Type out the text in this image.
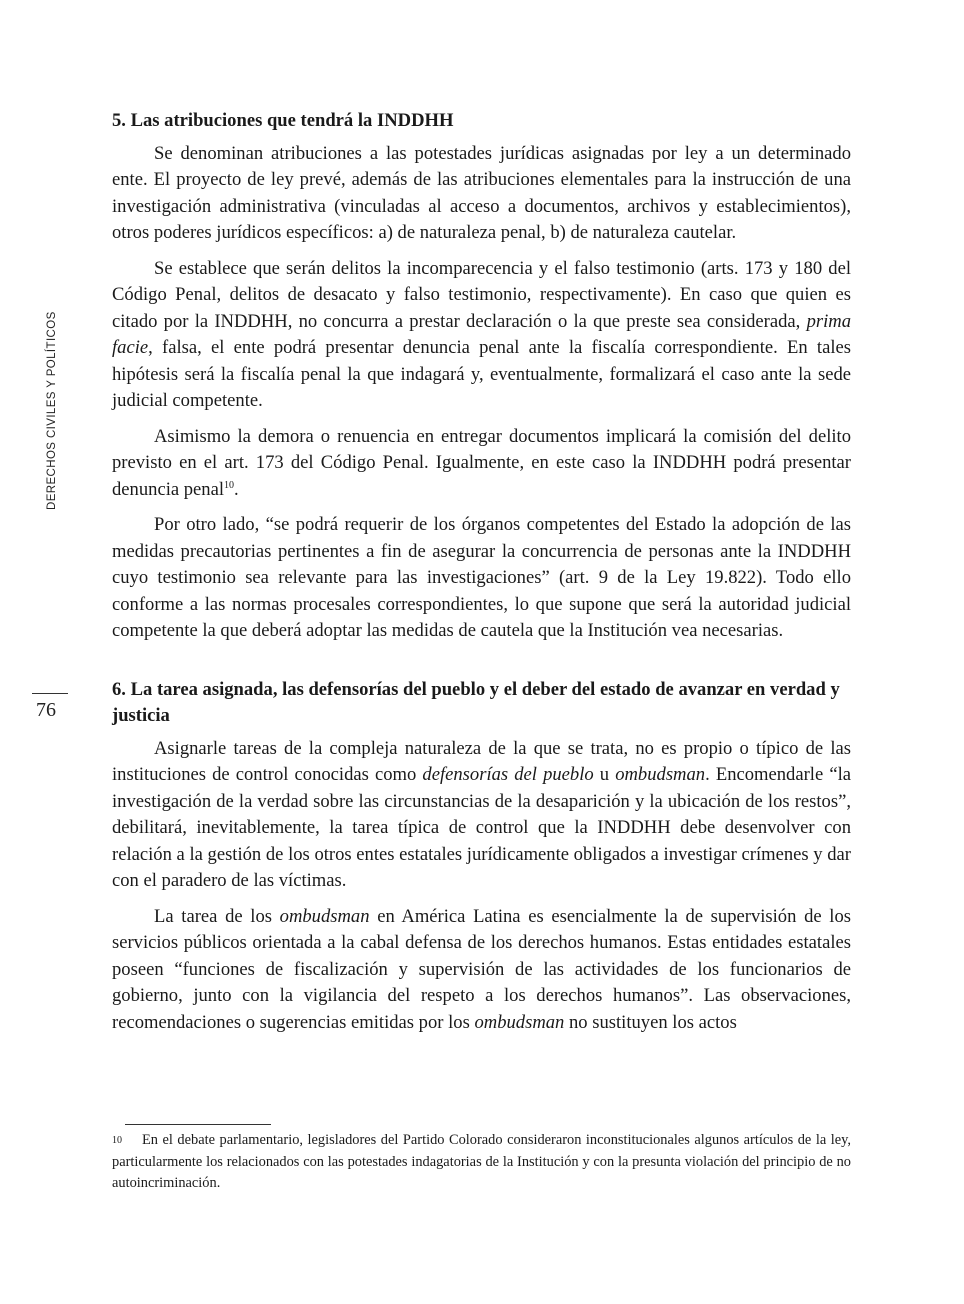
DERECHOS CIVILES Y POLÍTICOS
76
5. Las atribuciones que tendrá la INDDHH

Se denominan atribuciones a las potestades jurídicas asignadas por ley a un determinado ente. El proyecto de ley prevé, además de las atribuciones elementales para la instrucción de una investigación administrativa (vinculadas al acceso a documentos, archivos y establecimientos), otros poderes jurídicos específicos: a) de naturaleza penal, b) de naturaleza cautelar.

Se establece que serán delitos la incomparecencia y el falso testimonio (arts. 173 y 180 del Código Penal, delitos de desacato y falso testimonio, respectivamente). En caso que quien es citado por la INDDHH, no concurra a prestar declaración o la que preste sea considerada, prima facie, falsa, el ente podrá presentar denuncia penal ante la fiscalía correspondiente. En tales hipótesis será la fiscalía penal la que indagará y, eventualmente, formalizará el caso ante la sede judicial competente.

Asimismo la demora o renuencia en entregar documentos implicará la comisión del delito previsto en el art. 173 del Código Penal. Igualmente, en este caso la INDDHH podrá presentar denuncia penal$^{10}$.

Por otro lado, “se podrá requerir de los órganos competentes del Estado la adopción de las medidas precautorias pertinentes a fin de asegurar la concurrencia de personas ante la INDDHH cuyo testimonio sea relevante para las investigaciones” (art. 9 de la Ley 19.822). Todo ello conforme a las normas procesales correspondientes, lo que supone que será la autoridad judicial competente la que deberá adoptar las medidas de cautela que la Institución vea necesarias.

6. La tarea asignada, las defensorías del pueblo y el deber del estado de avanzar en verdad y justicia

Asignarle tareas de la compleja naturaleza de la que se trata, no es propio o típico de las instituciones de control conocidas como defensorías del pueblo u ombudsman. Encomendarle “la investigación de la verdad sobre las circunstancias de la desaparición y la ubicación de los restos”, debilitará, inevitablemente, la tarea típica de control que la INDDHH debe desenvolver con relación a la gestión de los otros entes estatales jurídicamente obligados a investigar crímenes y dar con el paradero de las víctimas.

La tarea de los ombudsman en América Latina es esencialmente la de supervisión de los servicios públicos orientada a la cabal defensa de los derechos humanos. Estas entidades estatales poseen “funciones de fiscalización y supervisión de las actividades de los funcionarios de gobierno, junto con la vigilancia del respeto a los derechos humanos”. Las observaciones, recomendaciones o sugerencias emitidas por los ombudsman no sustituyen los actos

10 En el debate parlamentario, legisladores del Partido Colorado consideraron inconstitucionales algunos artículos de la ley, particularmente los relacionados con las potestades indagatorias de la Institución y con la presunta violación del principio de no autoincriminación.
